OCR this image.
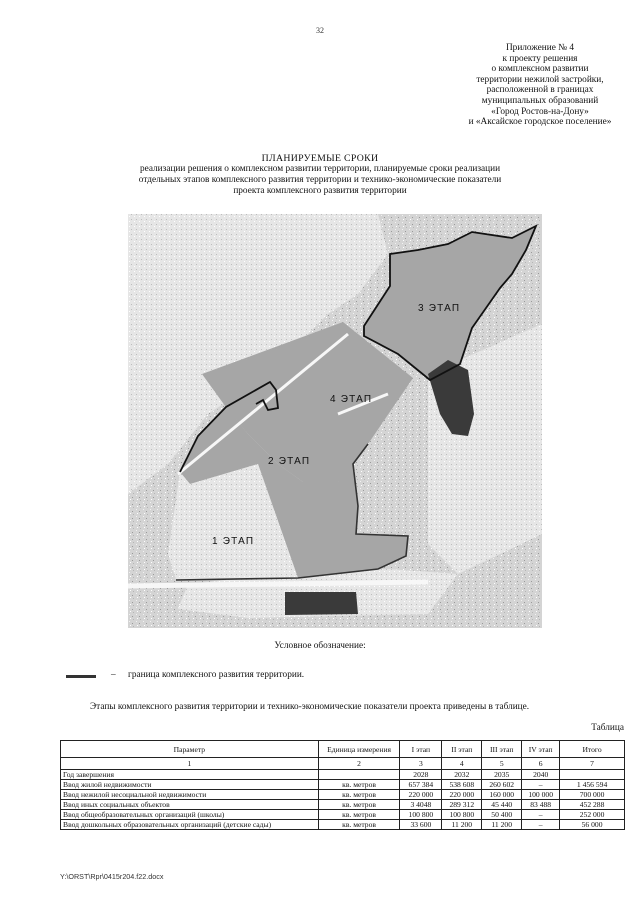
32
Приложение № 4
к проекту решения
о комплексном развитии
территории нежилой застройки,
расположенной в границах
муниципальных образований
«Город Ростов-на-Дону»
и «Аксайское городское поселение»
ПЛАНИРУЕМЫЕ СРОКИ
реализации решения о комплексном развитии территории, планируемые сроки реализации
отдельных этапов комплексного развития территории и технико-экономические показатели
проекта комплексного развития территории
1 ЭТАП
2 ЭТАП
3 ЭТАП
4 ЭТАП
Условное обозначение:
– граница комплексного развития территории.
Этапы комплексного развития территории и технико-экономические показатели проекта приведены в таблице.
Таблица
Параметр	Единица измерения	I этап	II этап	III этап	IV этап	Итого
1	2	3	4	5	6	7
Год завершения		2028	2032	2035	2040	
Ввод жилой недвижимости	кв. метров	657 384	538 608	260 602	–	1 456 594
Ввод нежилой несоциальной недвижимости	кв. метров	220 000	220 000	160 000	100 000	700 000
Ввод иных социальных объектов	кв. метров	3 4048	289 312	45 440	83 488	452 288
Ввод общеобразовательных организаций (школы)	кв. метров	100 800	100 800	50 400	–	252 000
Ввод дошкольных образовательных организаций (детские сады)	кв. метров	33 600	11 200	11 200	–	56 000
Y:\ORST\Rpr\0415r204.f22.docx
